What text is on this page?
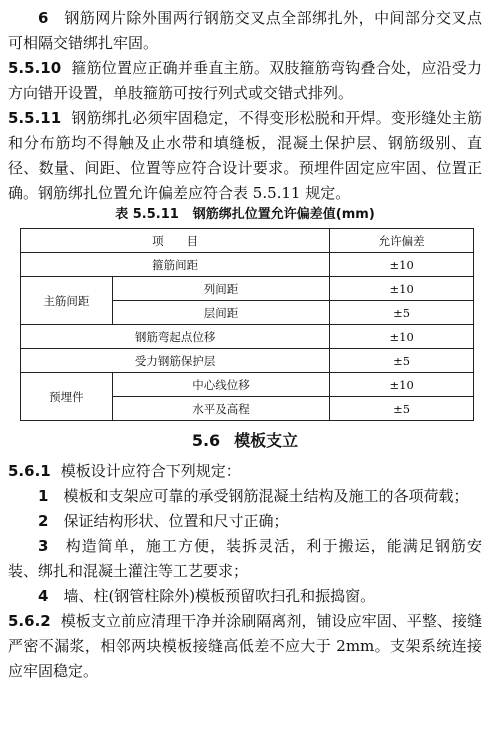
6　 钢筋网片除外围两行钢筋交叉点全部绑扎外，中间部分交叉点可相隔交错绑扎牢固。

5.5.10 箍筋位置应正确并垂直主筋。双肢箍筋弯钩叠合处，应沿受力方向错开设置，单肢箍筋可按行列式或交错式排列。

5.5.11 钢筋绑扎必须牢固稳定，不得变形松脱和开焊。变形缝处主筋和分布筋均不得触及止水带和填缝板，混凝土保护层、钢筋级别、直径、数量、间距、位置等应符合设计要求。预埋件固定应牢固、位置正确。钢筋绑扎位置允许偏差应符合表 5.5.11 规定。

表 5.5.11 钢筋绑扎位置允许偏差值(mm)

项　　目		允许偏差
箍筋间距		±10
主筋间距	列间距	±10
	层间距	±5
钢筋弯起点位移		±10
受力钢筋保护层		±5
预埋件	中心线位移	±10
	水平及高程	±5

5.6 模板支立

5.6.1 模板设计应符合下列规定：

1　 模板和支架应可靠的承受钢筋混凝土结构及施工的各项荷载；

2　 保证结构形状、位置和尺寸正确；

3　 构造简单，施工方便，装拆灵活，利于搬运，能满足钢筋安装、绑扎和混凝土灌注等工艺要求；

4　 墙、柱(钢管柱除外)模板预留吹扫孔和振捣窗。

5.6.2 模板支立前应清理干净并涂刷隔离剂，铺设应牢固、平整、接缝严密不漏浆，相邻两块模板接缝高低差不应大于 2mm。支架系统连接应牢固稳定。
